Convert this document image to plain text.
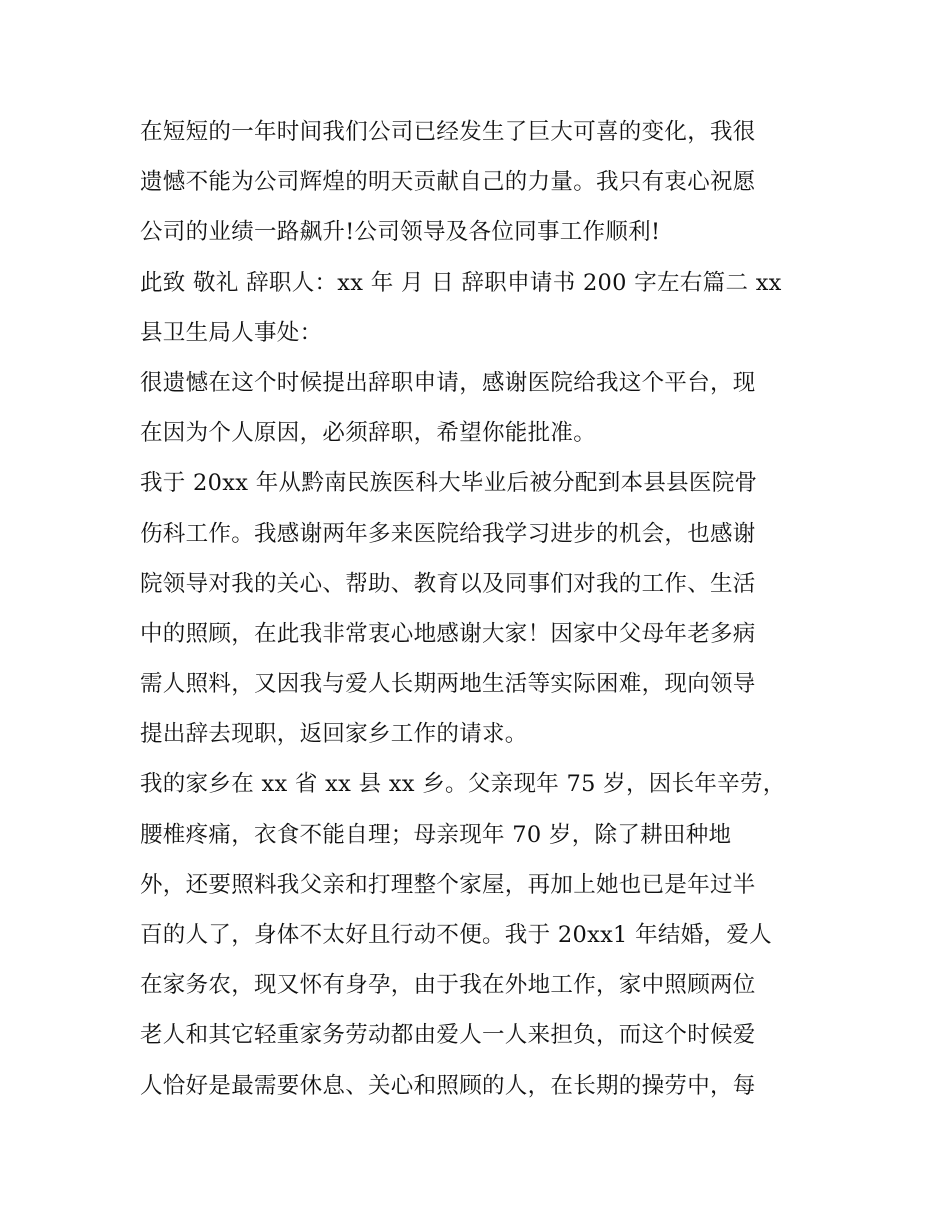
在短短的一年时间我们公司已经发生了巨大可喜的变化，我很
遗憾不能为公司辉煌的明天贡献自己的力量。我只有衷心祝愿
公司的业绩一路飙升!公司领导及各位同事工作顺利!
此致 敬礼 辞职人：xx 年 月 日 辞职申请书 200 字左右篇二 xx
县卫生局人事处：
很遗憾在这个时候提出辞职申请，感谢医院给我这个平台，现
在因为个人原因，必须辞职，希望你能批准。
我于 20xx 年从黔南民族医科大毕业后被分配到本县县医院骨
伤科工作。我感谢两年多来医院给我学习进步的机会，也感谢
院领导对我的关心、帮助、教育以及同事们对我的工作、生活
中的照顾，在此我非常衷心地感谢大家！因家中父母年老多病
需人照料，又因我与爱人长期两地生活等实际困难，现向领导
提出辞去现职，返回家乡工作的请求。
我的家乡在 xx 省 xx 县 xx 乡。父亲现年 75 岁，因长年辛劳，
腰椎疼痛，衣食不能自理；母亲现年 70 岁，除了耕田种地
外，还要照料我父亲和打理整个家屋，再加上她也已是年过半
百的人了，身体不太好且行动不便。我于 20xx1 年结婚，爱人
在家务农，现又怀有身孕，由于我在外地工作，家中照顾两位
老人和其它轻重家务劳动都由爱人一人来担负，而这个时候爱
人恰好是最需要休息、关心和照顾的人，在长期的操劳中，每
